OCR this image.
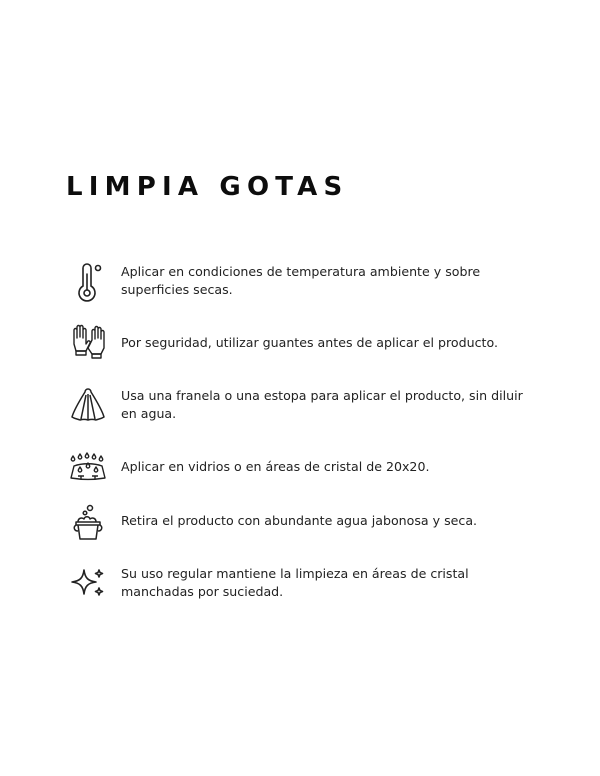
LIMPIA GOTAS
Aplicar en condiciones de temperatura ambiente y sobre superficies secas.
Por seguridad, utilizar guantes antes de aplicar el producto.
Usa una franela o una estopa para aplicar el producto, sin diluir en agua.
Aplicar en vidrios o en áreas de cristal de 20x20.
Retira el producto con abundante agua jabonosa y seca.
Su uso regular mantiene la limpieza en áreas de cristal manchadas por suciedad.
